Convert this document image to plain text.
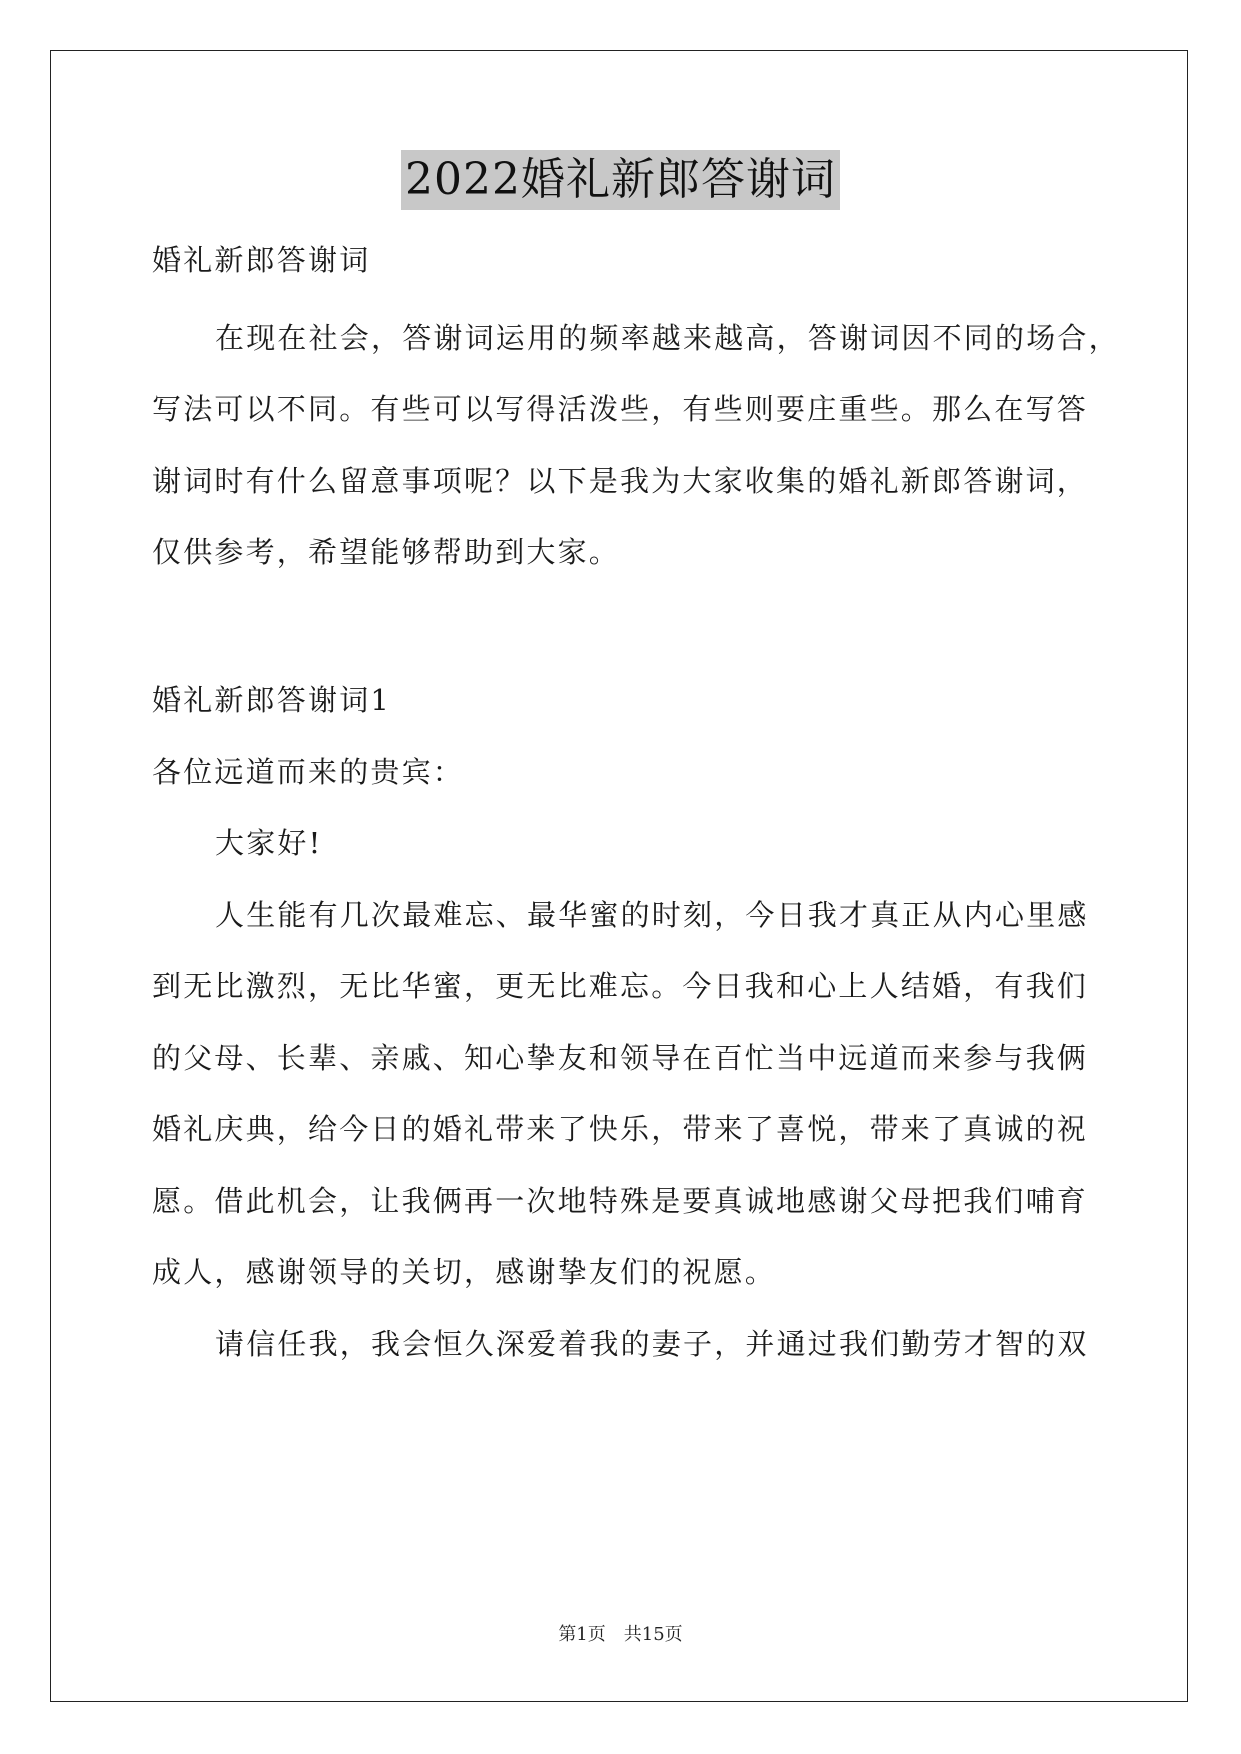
2022婚礼新郎答谢词
婚礼新郎答谢词
在现在社会，答谢词运用的频率越来越高，答谢词因不同的场合，
写法可以不同。有些可以写得活泼些，有些则要庄重些。那么在写答
谢词时有什么留意事项呢？以下是我为大家收集的婚礼新郎答谢词，
仅供参考，希望能够帮助到大家。
婚礼新郎答谢词1
各位远道而来的贵宾：
大家好!
人生能有几次最难忘、最华蜜的时刻，今日我才真正从内心里感
到无比激烈，无比华蜜，更无比难忘。今日我和心上人结婚，有我们
的父母、长辈、亲戚、知心挚友和领导在百忙当中远道而来参与我俩
婚礼庆典，给今日的婚礼带来了快乐，带来了喜悦，带来了真诚的祝
愿。借此机会，让我俩再一次地特殊是要真诚地感谢父母把我们哺育
成人，感谢领导的关切，感谢挚友们的祝愿。
请信任我，我会恒久深爱着我的妻子，并通过我们勤劳才智的双
第1页　共15页
